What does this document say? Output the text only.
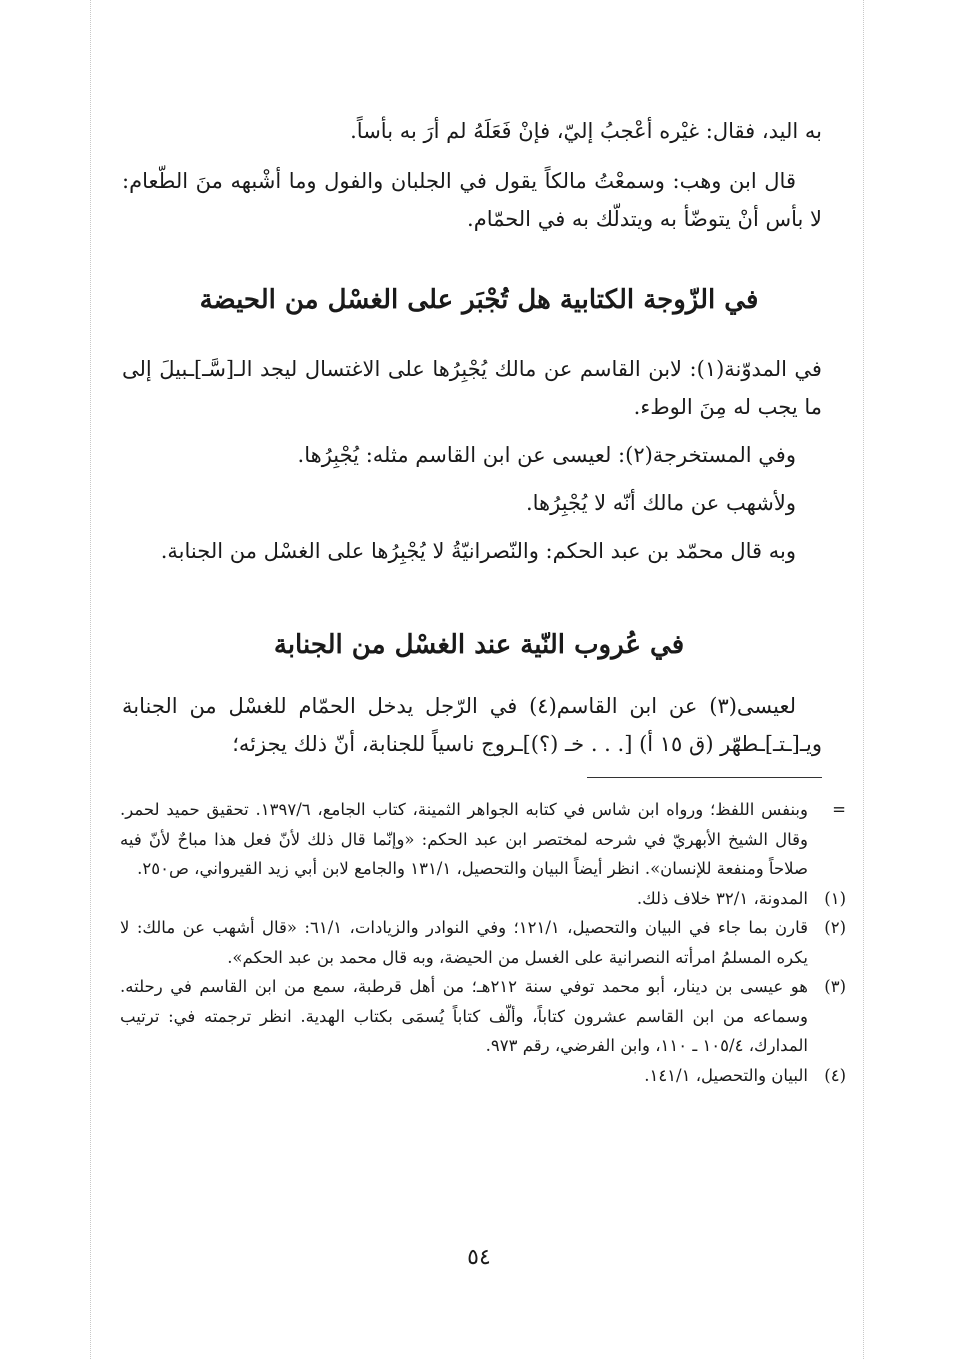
به اليد، فقال: غيْره أعْجبُ إليّ، فإنْ فَعَلَهُ لم أرَ به بأساً.

قال ابن وهب: وسمعْتُ مالكاً يقول في الجلبان والفول وما أشْبهه منَ الطّعام: لا بأس أنْ يتوضّأ به ويتدلّك به في الحمّام.

في الزّوجة الكتابية هل تُجْبَر على الغسْل من الحيضة

في المدوّنة(١): لابن القاسم عن مالك يُجْبِرُها على الاغتسال ليجد الـ[سَّـ]ـبيلَ إلى ما يجب له مِنَ الوطء.

وفي المستخرجة(٢): لعيسى عن ابن القاسم مثله: يُجْبِرُها.

ولأشهب عن مالك أنّه لا يُجْبِرُها.

وبه قال محمّد بن عبد الحكم: والنّصرانيّةُ لا يُجْبِرُها على الغسْل من الجنابة.

في عُروب النّية عند الغسْل من الجنابة

لعيسى(٣) عن ابن القاسم(٤) في الرّجل يدخل الحمّام للغسْل من الجنابة ويـ[ـتـ]ـطهّر (ق ١٥ أ) [. . . خـ (؟)]ـروج ناسياً للجنابة، أنّ ذلك يجزئه؛

=
وبنفس اللفظ؛ ورواه ابن شاس في كتابه الجواهر الثمينة، كتاب الجامع، ١٣٩٧/٦. تحقيق حميد لحمر. وقال الشيخ الأبهريّ في شرحه لمختصر ابن عبد الحكم: «وإنّما قال ذلك لأنّ فعل هذا مباحٌ لأنّ فيه صلاحاً ومنفعة للإنسان». انظر أيضاً البيان والتحصيل، ١٣١/١ والجامع لابن أبي زيد القيرواني، ص٢٥٠.
(١)
المدونة، ٣٢/١ خلاف ذلك.
(٢)
قارن بما جاء في البيان والتحصيل، ١٢١/١؛ وفي النوادر والزيادات، ٦١/١: «قال أشهب عن مالك: لا يكره المسلمُ امرأته النصرانية على الغسل من الحيضة، وبه قال محمد بن عبد الحكم».
(٣)
هو عيسى بن دينار، أبو محمد توفي سنة ٢١٢هـ؛ من أهل قرطبة، سمع من ابن القاسم في رحلته. وسماعه من ابن القاسم عشرون كتاباً، وألّف كتاباً يُسمَى بكتاب الهدية. انظر ترجمته في: ترتيب المدارك، ١٠٥/٤ ـ ١١٠، وابن الفرضي، رقم ٩٧٣.
(٤)
البيان والتحصيل، ١٤١/١.
٥٤
